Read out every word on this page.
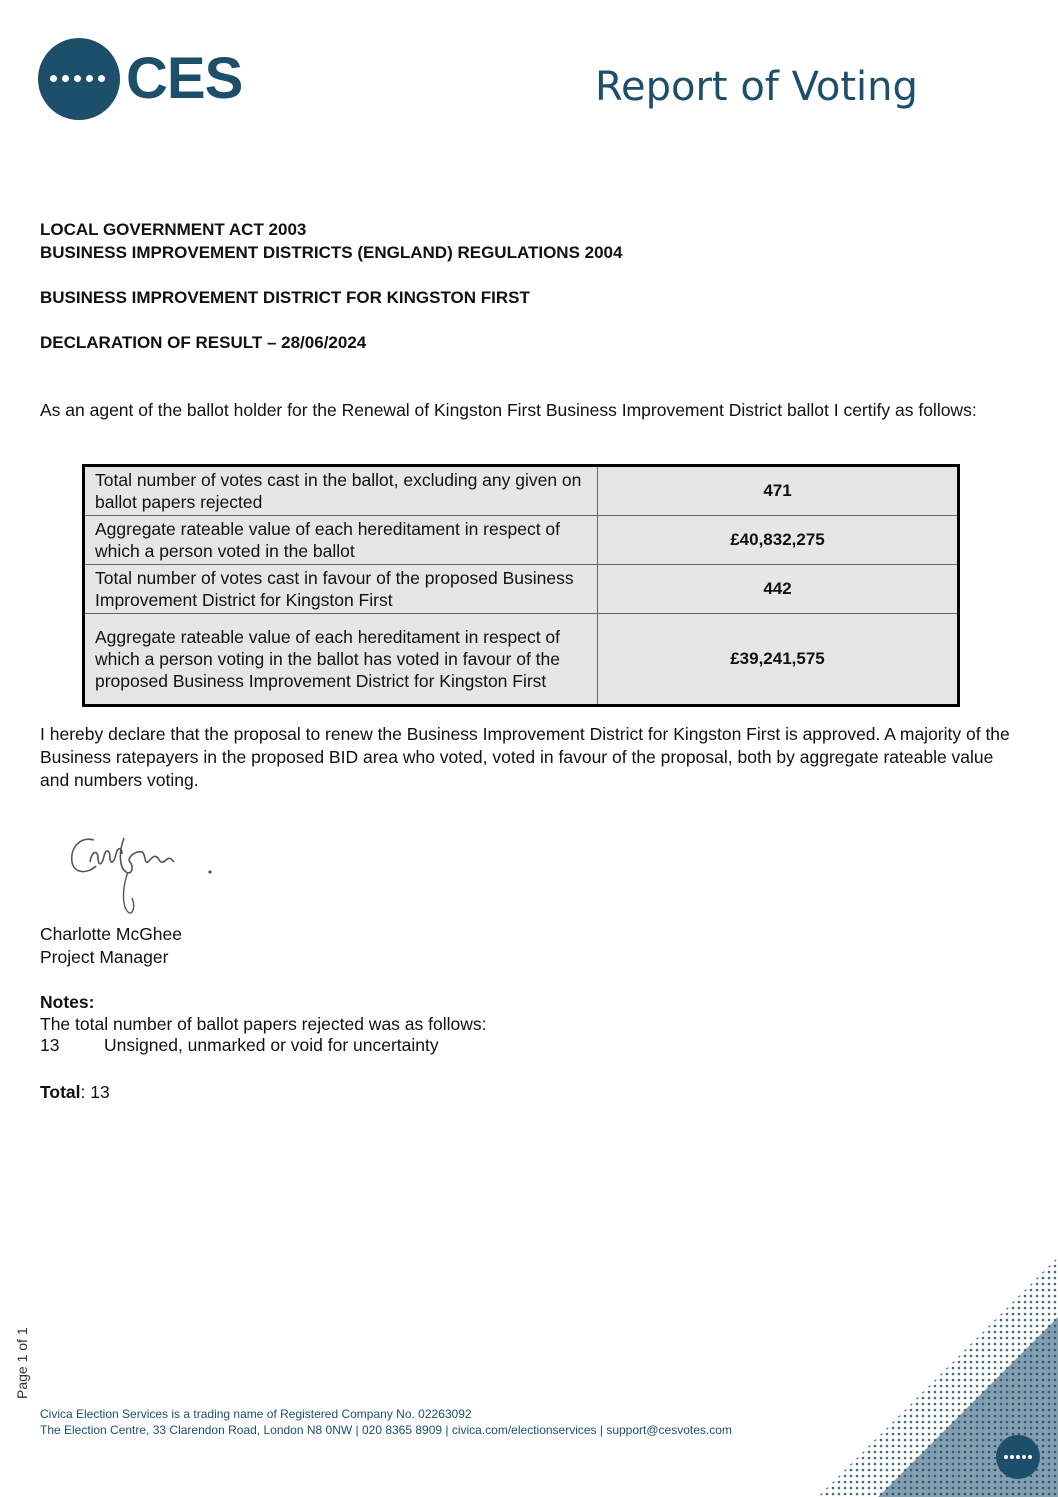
CES	Report of Voting
LOCAL GOVERNMENT ACT 2003
BUSINESS IMPROVEMENT DISTRICTS (ENGLAND) REGULATIONS 2004
BUSINESS IMPROVEMENT DISTRICT FOR KINGSTON FIRST
DECLARATION OF RESULT – 28/06/2024
As an agent of the ballot holder for the Renewal of Kingston First Business Improvement District ballot I certify as follows:
Total number of votes cast in the ballot, excluding any given on ballot papers rejected	471
Aggregate rateable value of each hereditament in respect of which a person voted in the ballot	£40,832,275
Total number of votes cast in favour of the proposed Business Improvement District for Kingston First	442
Aggregate rateable value of each hereditament in respect of which a person voting in the ballot has voted in favour of the proposed Business Improvement District for Kingston First	£39,241,575
I hereby declare that the proposal to renew the Business Improvement District for Kingston First is approved. A majority of the Business ratepayers in the proposed BID area who voted, voted in favour of the proposal, both by aggregate rateable value and numbers voting.
Charlotte McGhee
Project Manager
Notes:
The total number of ballot papers rejected was as follows:
13	Unsigned, unmarked or void for uncertainty
Total: 13
Page 1 of 1
Civica Election Services is a trading name of Registered Company No. 02263092
The Election Centre, 33 Clarendon Road, London N8 0NW | 020 8365 8909 | civica.com/electionservices | support@cesvotes.com
